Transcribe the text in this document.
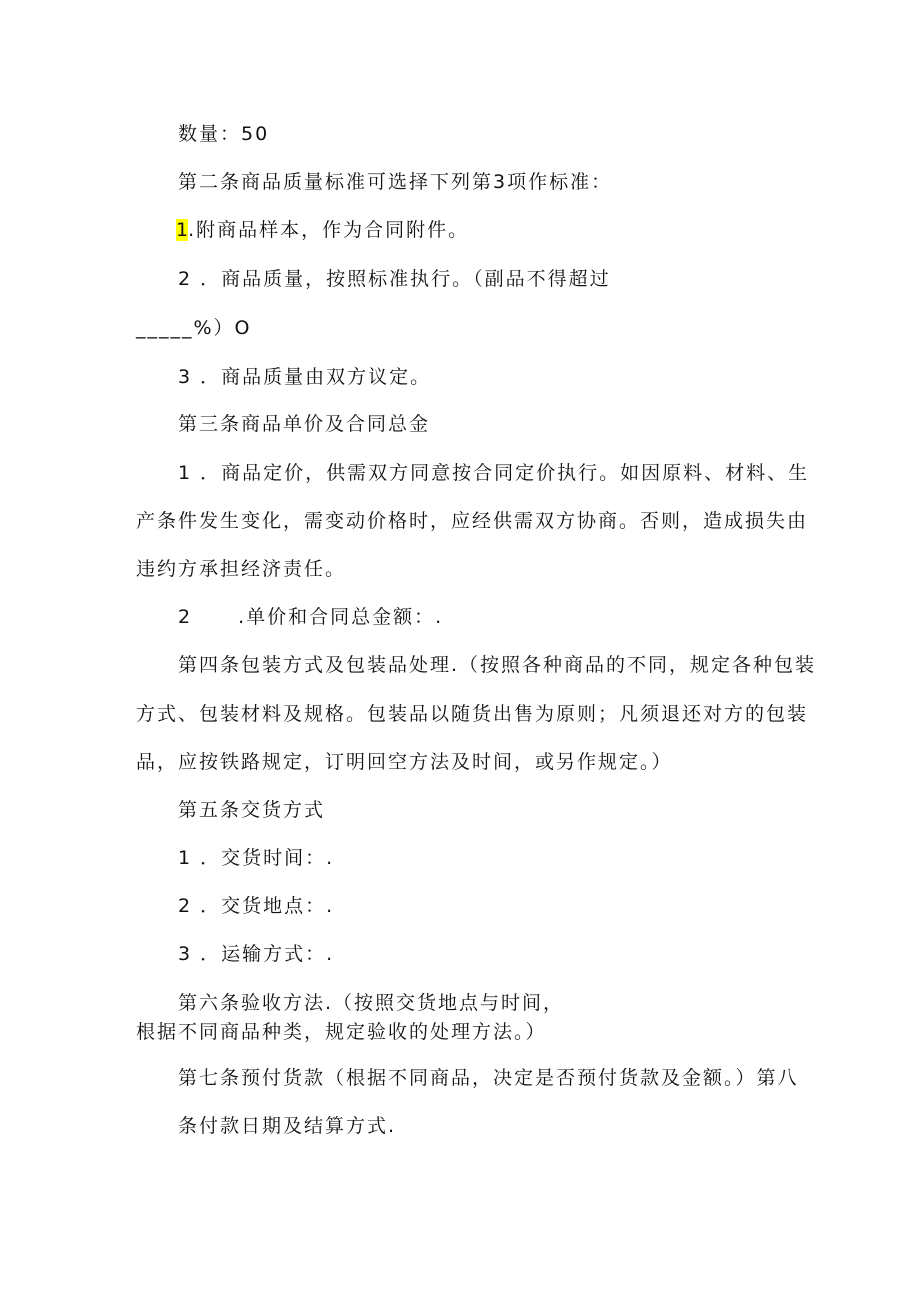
数量：50
第二条商品质量标准可选择下列第3项作标准：
1.附商品样本，作为合同附件。
2 ．商品质量，按照标准执行。（副品不得超过
_____%）O
3 ．商品质量由双方议定。
第三条商品单价及合同总金
1 ．商品定价，供需双方同意按合同定价执行。如因原料、材料、生
产条件发生变化，需变动价格时，应经供需双方协商。否则，造成损失由
违约方承担经济责任。
2 .单价和合同总金额：.
第四条包装方式及包装品处理.（按照各种商品的不同，规定各种包装
方式、包装材料及规格。包装品以随货出售为原则；凡须退还对方的包装
品，应按铁路规定，订明回空方法及时间，或另作规定。）
第五条交货方式
1 ．交货时间：.
2 ．交货地点：.
3 ．运输方式：.
第六条验收方法.（按照交货地点与时间，
根据不同商品种类，规定验收的处理方法。）
第七条预付货款（根据不同商品，决定是否预付货款及金额。）第八
条付款日期及结算方式.
